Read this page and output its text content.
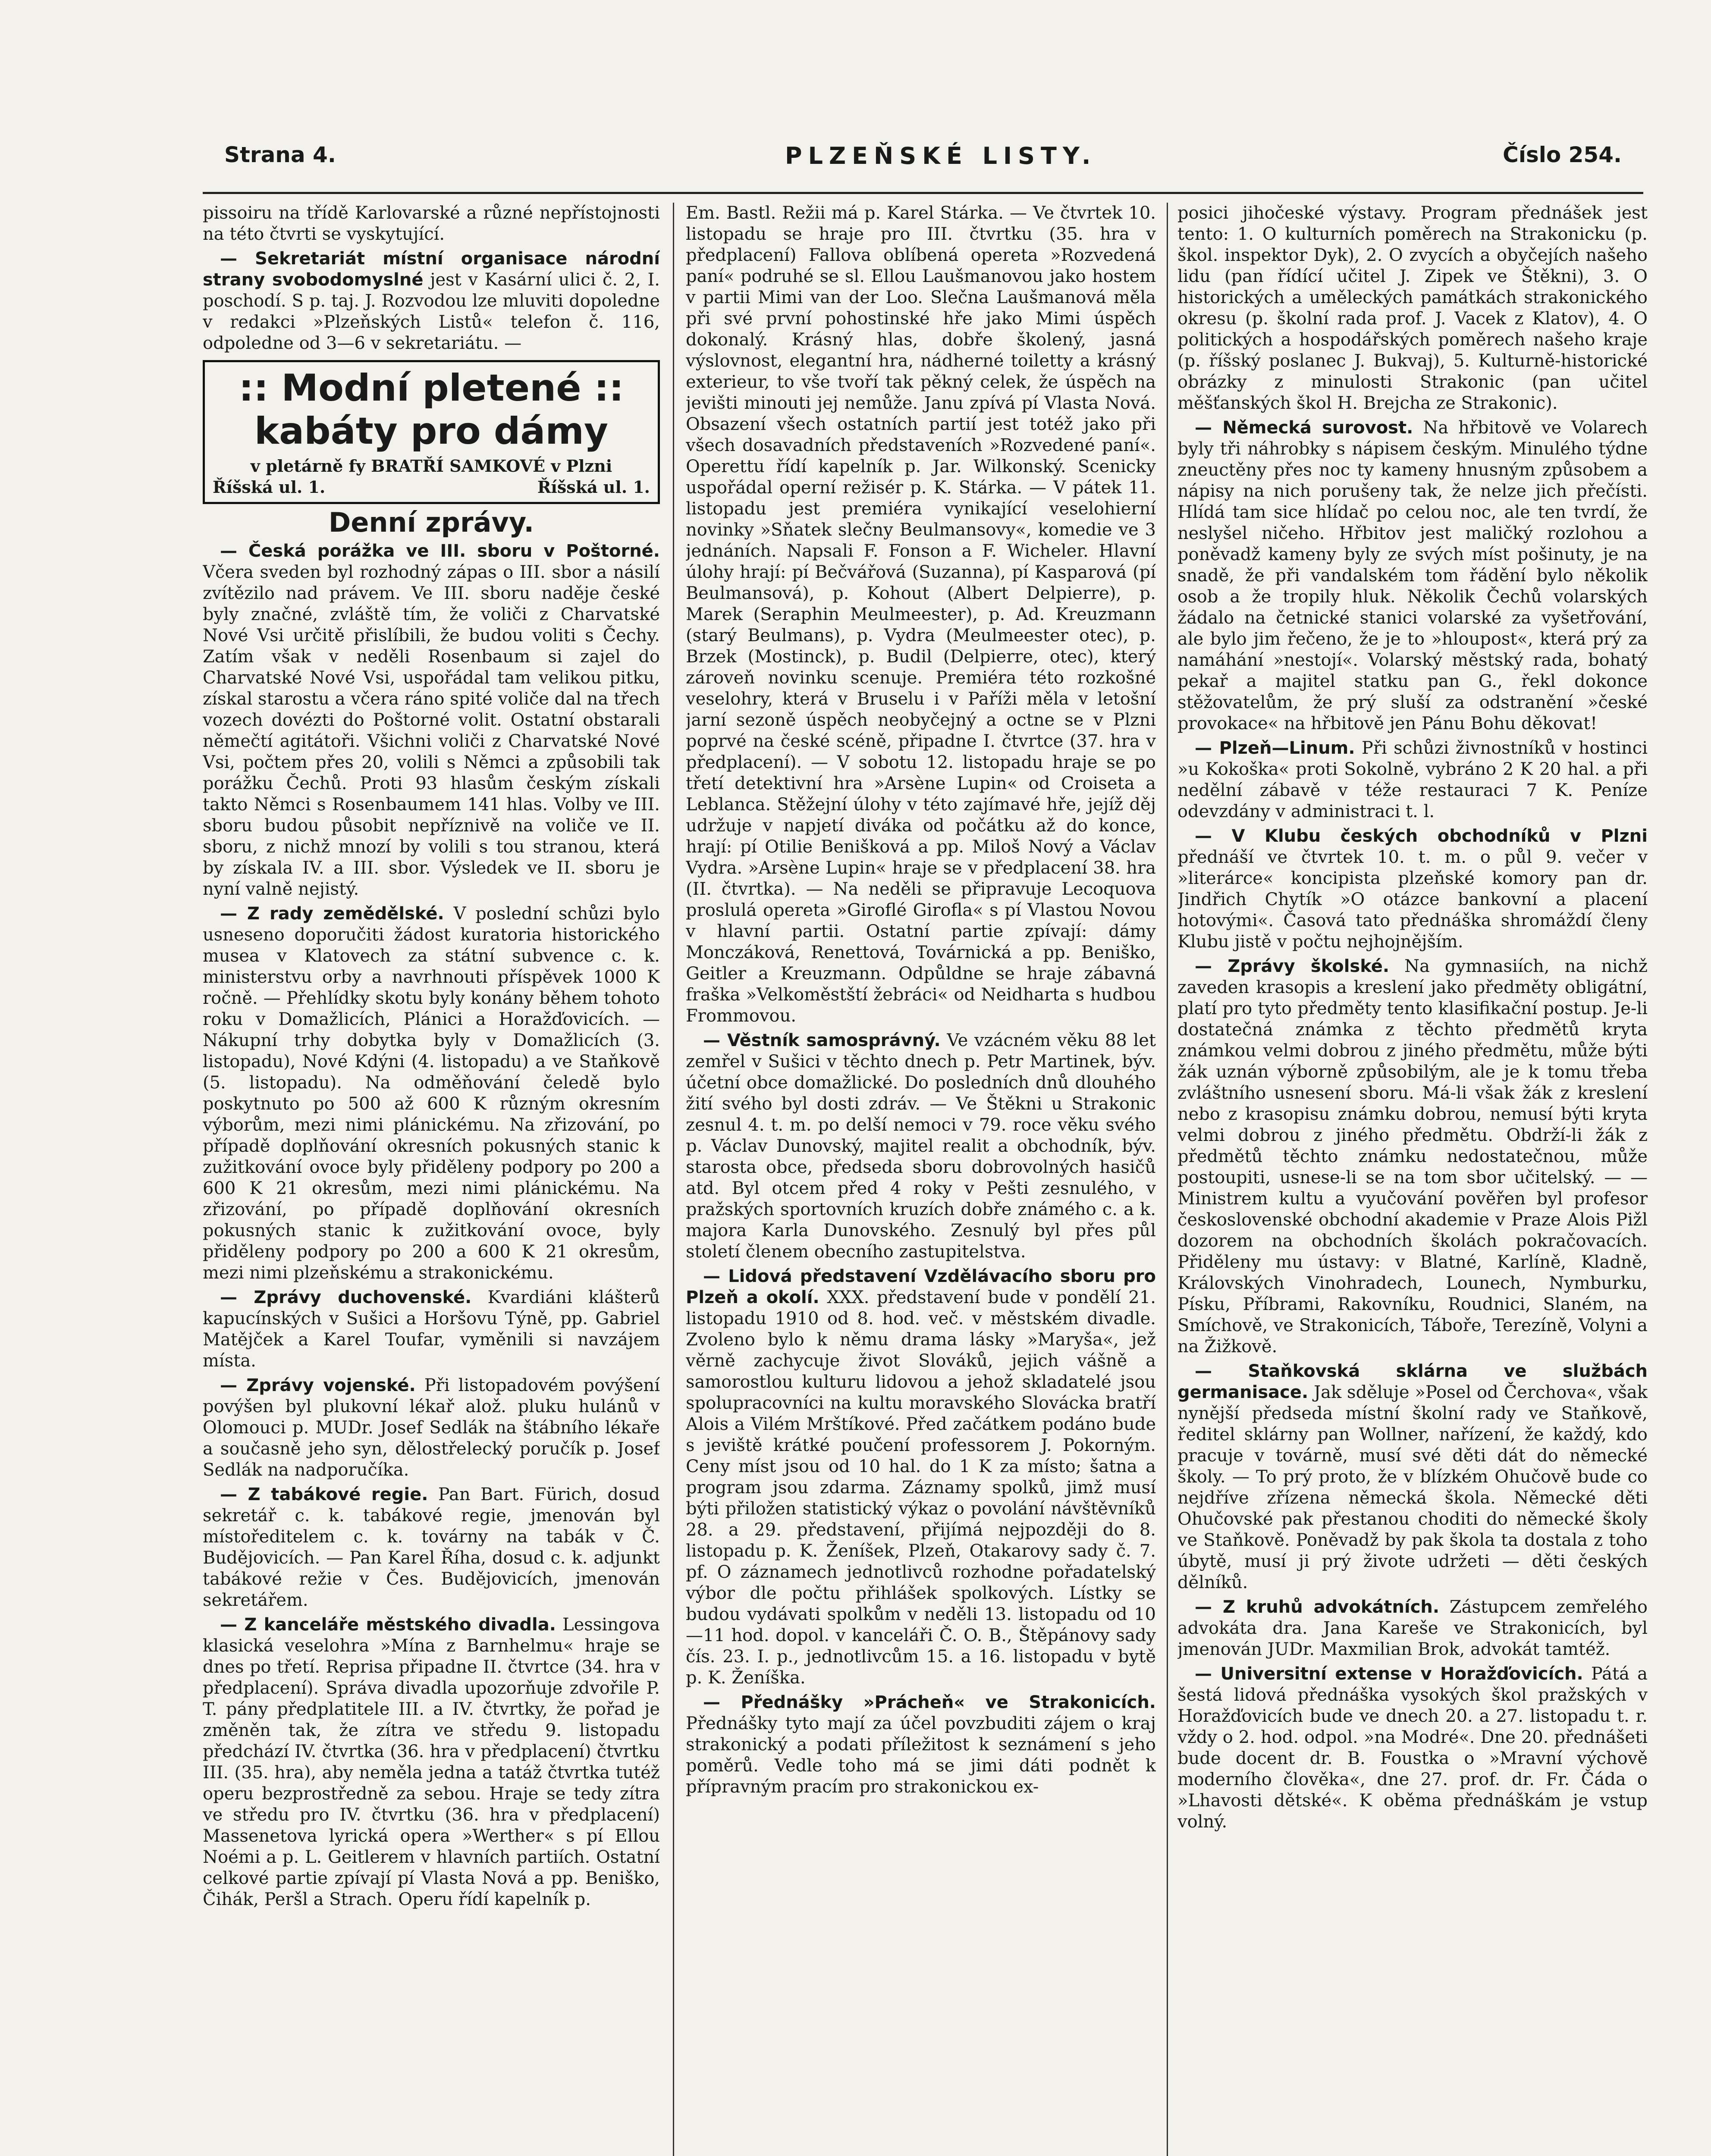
Strana 4.	PLZEŇSKÉ LISTY.	Číslo 254.

pissoiru na třídě Karlovarské a různé nepřístojnosti na této čtvrti se vyskytující.

— Sekretariát místní organisace národní strany svobodomyslné jest v Kasární ulici č. 2, I. poschodí. S p. taj. J. Rozvodou lze mluviti dopoledne v redakci »Plzeňských Listů« telefon č. 116, odpoledne od 3—6 v sekretariátu. —

:: Modní pletené ::
kabáty pro dámy
v pletárně fy BRATŘÍ SAMKOVÉ v Plzni
Říšská ul. 1.	Říšská ul. 1.
Denní zprávy.

— Česká porážka ve III. sboru v Poštorné. Včera sveden byl rozhodný zápas o III. sbor a násilí zvítězilo nad právem. Ve III. sboru naděje české byly značné, zvláště tím, že voliči z Charvatské Nové Vsi určitě přislíbili, že budou voliti s Čechy. Zatím však v neděli Rosenbaum si zajel do Charvatské Nové Vsi, uspořádal tam velikou pitku, získal starostu a včera ráno spité voliče dal na třech vozech dovézti do Poštorné volit. Ostatní obstarali němečtí agitátoři. Všichni voliči z Charvatské Nové Vsi, počtem přes 20, volili s Němci a způsobili tak porážku Čechů. Proti 93 hlasům českým získali takto Němci s Rosenbaumem 141 hlas. Volby ve III. sboru budou působit nepříznivě na voliče ve II. sboru, z nichž mnozí by volili s tou stranou, která by získala IV. a III. sbor. Výsledek ve II. sboru je nyní valně nejistý.

— Z rady zemědělské. V poslední schůzi bylo usneseno doporučiti žádost kuratoria historického musea v Klatovech za státní subvence c. k. ministerstvu orby a navrhnouti příspěvek 1000 K ročně. — Přehlídky skotu byly konány během tohoto roku v Domažlicích, Plánici a Horažďovicích. — Nákupní trhy dobytka byly v Domažlicích (3. listopadu), Nové Kdýni (4. listopadu) a ve Staňkově (5. listopadu). Na odměňování čeledě bylo poskytnuto po 500 až 600 K různým okresním výborům, mezi nimi plánickému. Na zřizování, po případě doplňování okresních pokusných stanic k zužitkování ovoce byly přiděleny podpory po 200 a 600 K 21 okresům, mezi nimi plánickému. Na zřizování, po případě doplňování okresních pokusných stanic k zužitkování ovoce, byly přiděleny podpory po 200 a 600 K 21 okresům, mezi nimi plzeňskému a strakonickému.

— Zprávy duchovenské. Kvardiáni klášterů kapucínských v Sušici a Horšovu Týně, pp. Gabriel Matějček a Karel Toufar, vyměnili si navzájem místa.

— Zprávy vojenské. Při listopadovém povýšení povýšen byl plukovní lékař alož. pluku hulánů v Olomouci p. MUDr. Josef Sedlák na štábního lékaře a současně jeho syn, dělostřelecký poručík p. Josef Sedlák na nadporučíka.

— Z tabákové regie. Pan Bart. Fürich, dosud sekretář c. k. tabákové regie, jmenován byl místoředitelem c. k. továrny na tabák v Č. Budějovicích. — Pan Karel Říha, dosud c. k. adjunkt tabákové režie v Čes. Budějovicích, jmenován sekretářem.

— Z kanceláře městského divadla. Lessingova klasická veselohra »Mína z Barnhelmu« hraje se dnes po třetí. Reprisa připadne II. čtvrtce (34. hra v předplacení). Správa divadla upozorňuje zdvořile P. T. pány předplatitele III. a IV. čtvrtky, že pořad je změněn tak, že zítra ve středu 9. listopadu předchází IV. čtvrtka (36. hra v předplacení) čtvrtku III. (35. hra), aby neměla jedna a tatáž čtvrtka tutéž operu bezprostředně za sebou. Hraje se tedy zítra ve středu pro IV. čtvrtku (36. hra v předplacení) Massenetova lyrická opera »Werther« s pí Ellou Noémi a p. L. Geitlerem v hlavních partiích. Ostatní celkové partie zpívají pí Vlasta Nová a pp. Beniško, Čihák, Peršl a Strach. Operu řídí kapelník p.

Em. Bastl. Režii má p. Karel Stárka. — Ve čtvrtek 10. listopadu se hraje pro III. čtvrtku (35. hra v předplacení) Fallova oblíbená opereta »Rozvedená paní« podruhé se sl. Ellou Laušmanovou jako hostem v partii Mimi van der Loo. Slečna Laušmanová měla při své první pohostinské hře jako Mimi úspěch dokonalý. Krásný hlas, dobře školený, jasná výslovnost, elegantní hra, nádherné toiletty a krásný exterieur, to vše tvoří tak pěkný celek, že úspěch na jevišti minouti jej nemůže. Janu zpívá pí Vlasta Nová. Obsazení všech ostatních partií jest totéž jako při všech dosavadních představeních »Rozvedené paní«. Operettu řídí kapelník p. Jar. Wilkonský. Scenicky uspořádal operní režisér p. K. Stárka. — V pátek 11. listopadu jest premiéra vynikající veselohierní novinky »Sňatek slečny Beulmansovy«, komedie ve 3 jednáních. Napsali F. Fonson a F. Wicheler. Hlavní úlohy hrají: pí Bečvářová (Suzanna), pí Kasparová (pí Beulmansová), p. Kohout (Albert Delpierre), p. Marek (Seraphin Meulmeester), p. Ad. Kreuzmann (starý Beulmans), p. Vydra (Meulmeester otec), p. Brzek (Mostinck), p. Budil (Delpierre, otec), který zároveň novinku scenuje. Premiéra této rozkošné veselohry, která v Bruselu i v Paříži měla v letošní jarní sezoně úspěch neobyčejný a octne se v Plzni poprvé na české scéně, připadne I. čtvrtce (37. hra v předplacení). — V sobotu 12. listopadu hraje se po třetí detektivní hra »Arsène Lupin« od Croiseta a Leblanca. Stěžejní úlohy v této zajímavé hře, jejíž děj udržuje v napjetí diváka od počátku až do konce, hrají: pí Otilie Benišková a pp. Miloš Nový a Václav Vydra. »Arsène Lupin« hraje se v předplacení 38. hra (II. čtvrtka). — Na neděli se připravuje Lecoquova proslulá opereta »Giroflé Girofla« s pí Vlastou Novou v hlavní partii. Ostatní partie zpívají: dámy Monczáková, Renettová, Továrnická a pp. Beniško, Geitler a Kreuzmann. Odpůldne se hraje zábavná fraška »Velkoměstští žebráci« od Neidharta s hudbou Frommovou.

— Věstník samosprávný. Ve vzácném věku 88 let zemřel v Sušici v těchto dnech p. Petr Martinek, býv. účetní obce domažlické. Do posledních dnů dlouhého žití svého byl dosti zdráv. — Ve Štěkni u Strakonic zesnul 4. t. m. po delší nemoci v 79. roce věku svého p. Václav Dunovský, majitel realit a obchodník, býv. starosta obce, předseda sboru dobrovolných hasičů atd. Byl otcem před 4 roky v Pešti zesnulého, v pražských sportovních kruzích dobře známého c. a k. majora Karla Dunovského. Zesnulý byl přes půl století členem obecního zastupitelstva.

— Lidová představení Vzdělávacího sboru pro Plzeň a okolí. XXX. představení bude v pondělí 21. listopadu 1910 od 8. hod. več. v městském divadle. Zvoleno bylo k němu drama lásky »Maryša«, jež věrně zachycuje život Slováků, jejich vášně a samorostlou kulturu lidovou a jehož skladatelé jsou spolupracovníci na kultu moravského Slovácka bratří Alois a Vilém Mrštíkové. Před začátkem podáno bude s jeviště krátké poučení professorem J. Pokorným. Ceny míst jsou od 10 hal. do 1 K za místo; šatna a program jsou zdarma. Záznamy spolků, jimž musí býti přiložen statistický výkaz o povolání návštěvníků 28. a 29. představení, přijímá nejpozději do 8. listopadu p. K. Ženíšek, Plzeň, Otakarovy sady č. 7. pf. O záznamech jednotlivců rozhodne pořadatelský výbor dle počtu přihlášek spolkových. Lístky se budou vydávati spolkům v neděli 13. listopadu od 10—11 hod. dopol. v kanceláři Č. O. B., Štěpánovy sady čís. 23. I. p., jednotlivcům 15. a 16. listopadu v bytě p. K. Ženíška.

— Přednášky »Prácheň« ve Strakonicích. Přednášky tyto mají za účel povzbuditi zájem o kraj strakonický a podati příležitost k seznámení s jeho poměrů. Vedle toho má se jimi dáti podnět k přípravným pracím pro strakonickou ex-

posici jihočeské výstavy. Program přednášek jest tento: 1. O kulturních poměrech na Strakonicku (p. škol. inspektor Dyk), 2. O zvycích a obyčejích našeho lidu (pan řídící učitel J. Zipek ve Štěkni), 3. O historických a uměleckých památkách strakonického okresu (p. školní rada prof. J. Vacek z Klatov), 4. O politických a hospodářských poměrech našeho kraje (p. říšský poslanec J. Bukvaj), 5. Kulturně-historické obrázky z minulosti Strakonic (pan učitel měšťanských škol H. Brejcha ze Strakonic).

— Německá surovost. Na hřbitově ve Volarech byly tři náhrobky s nápisem českým. Minulého týdne zneuctěny přes noc ty kameny hnusným způsobem a nápisy na nich porušeny tak, že nelze jich přečísti. Hlídá tam sice hlídač po celou noc, ale ten tvrdí, že neslyšel ničeho. Hřbitov jest maličký rozlohou a poněvadž kameny byly ze svých míst pošinuty, je na snadě, že při vandalském tom řádění bylo několik osob a že tropily hluk. Několik Čechů volarských žádalo na četnické stanici volarské za vyšetřování, ale bylo jim řečeno, že je to »hloupost«, která prý za namáhání »nestojí«. Volarský městský rada, bohatý pekař a majitel statku pan G., řekl dokonce stěžovatelům, že prý sluší za odstranění »české provokace« na hřbitově jen Pánu Bohu děkovat!

— Plzeň—Linum. Při schůzi živnostníků v hostinci »u Kokoška« proti Sokolně, vybráno 2 K 20 hal. a při nedělní zábavě v téže restauraci 7 K. Peníze odevzdány v administraci t. l.

— V Klubu českých obchodníků v Plzni přednáší ve čtvrtek 10. t. m. o půl 9. večer v »literárce« koncipista plzeňské komory pan dr. Jindřich Chytík »O otázce bankovní a placení hotovými«. Časová tato přednáška shromáždí členy Klubu jistě v počtu nejhojnějším.

— Zprávy školské. Na gymnasiích, na nichž zaveden krasopis a kreslení jako předměty obligátní, platí pro tyto předměty tento klasifikační postup. Je-li dostatečná známka z těchto předmětů kryta známkou velmi dobrou z jiného předmětu, může býti žák uznán výborně způsobilým, ale je k tomu třeba zvláštního usnesení sboru. Má-li však žák z kreslení nebo z krasopisu známku dobrou, nemusí býti kryta velmi dobrou z jiného předmětu. Obdrží-li žák z předmětů těchto známku nedostatečnou, může postoupiti, usnese-li se na tom sbor učitelský. — — Ministrem kultu a vyučování pověřen byl profesor československé obchodní akademie v Praze Alois Pižl dozorem na obchodních školách pokračovacích. Přiděleny mu ústavy: v Blatné, Karlíně, Kladně, Královských Vinohradech, Lounech, Nymburku, Písku, Příbrami, Rakovníku, Roudnici, Slaném, na Smíchově, ve Strakonicích, Táboře, Terezíně, Volyni a na Žižkově.

— Staňkovská sklárna ve službách germanisace. Jak sděluje »Posel od Čerchova«, však nynější předseda místní školní rady ve Staňkově, ředitel sklárny pan Wollner, nařízení, že každý, kdo pracuje v továrně, musí své děti dát do německé školy. — To prý proto, že v blízkém Ohučově bude co nejdříve zřízena německá škola. Německé děti Ohučovské pak přestanou choditi do německé školy ve Staňkově. Poněvadž by pak škola ta dostala z toho úbytě, musí ji prý živote udržeti — děti českých dělníků.

— Z kruhů advokátních. Zástupcem zemřelého advokáta dra. Jana Kareše ve Strakonicích, byl jmenován JUDr. Maxmilian Brok, advokát tamtéž.

— Universitní extense v Horažďovicích. Pátá a šestá lidová přednáška vysokých škol pražských v Horažďovicích bude ve dnech 20. a 27. listopadu t. r. vždy o 2. hod. odpol. »na Modré«. Dne 20. přednášeti bude docent dr. B. Foustka o »Mravní výchově moderního člověka«, dne 27. prof. dr. Fr. Čáda o »Lhavosti dětské«. K oběma přednáškám je vstup volný.
